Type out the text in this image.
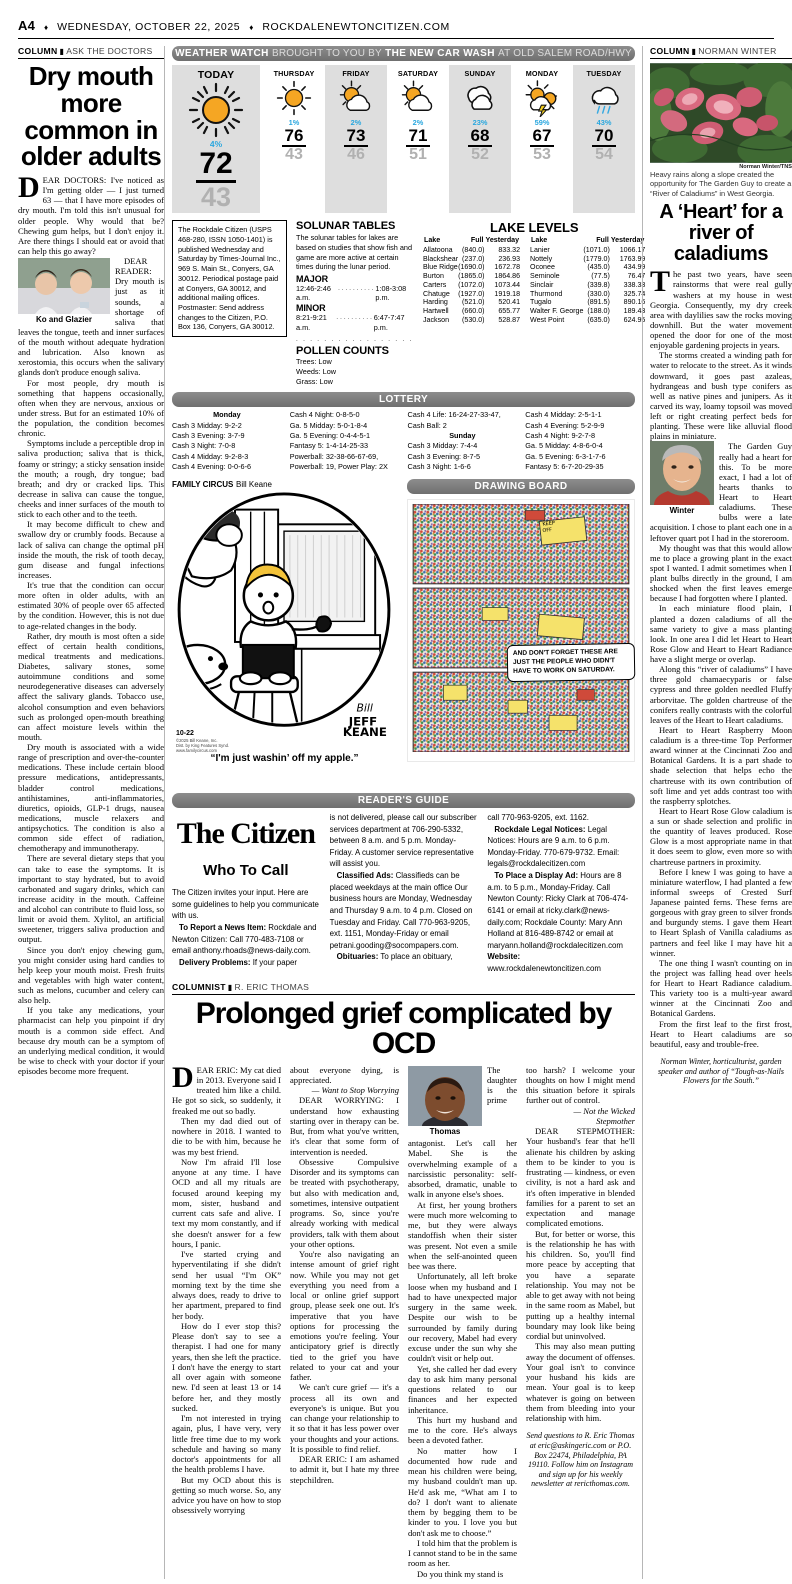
A4 ♦ WEDNESDAY, OCTOBER 22, 2025 ♦ ROCKDALENEWTONCITIZEN.COM
COLUMN ▮ ASK THE DOCTORS
Dry mouth more common in older adults

DEAR DOCTORS: I've noticed as I'm getting older — I just turned 63 — that I have more episodes of dry mouth. I'm told this isn't unusual for older people. Why would that be? Chewing gum helps, but I don't enjoy it. Are there things I should eat or avoid that can help this go away?

Ko and Glazier

DEAR READER: Dry mouth is just as it sounds, a shortage of saliva that leaves the tongue, teeth and inner surfaces of the mouth without adequate hydration and lubrication. Also known as xerostomia, this occurs when the salivary glands don't produce enough saliva.

For most people, dry mouth is something that happens occasionally, often when they are nervous, anxious or under stress. But for an estimated 10% of the population, the condition becomes chronic.

Symptoms include a perceptible drop in saliva production; saliva that is thick, foamy or stringy; a sticky sensation inside the mouth; a rough, dry tongue; bad breath; and dry or cracked lips. This decrease in saliva can cause the tongue, cheeks and inner surfaces of the mouth to stick to each other and to the teeth.

It may become difficult to chew and swallow dry or crumbly foods. Because a lack of saliva can change the optimal pH inside the mouth, the risk of tooth decay, gum disease and fungal infections increases.

It's true that the condition can occur more often in older adults, with an estimated 30% of people over 65 affected by the condition. However, this is not due to age-related changes in the body.

Rather, dry mouth is most often a side effect of certain health conditions, medical treatments and medications. Diabetes, salivary stones, some autoimmune conditions and some neurodegenerative diseases can adversely affect the salivary glands. Tobacco use, alcohol consumption and even behaviors such as prolonged open-mouth breathing can affect moisture levels within the mouth.

Dry mouth is associated with a wide range of prescription and over-the-counter medications. These include certain blood pressure medications, antidepressants, bladder control medications, antihistamines, anti-inflammatories, diuretics, opioids, GLP-1 drugs, nausea medications, muscle relaxers and antipsychotics. The condition is also a common side effect of radiation, chemotherapy and immunotherapy.

There are several dietary steps that you can take to ease the symptoms. It is important to stay hydrated, but to avoid carbonated and sugary drinks, which can increase acidity in the mouth. Caffeine and alcohol can contribute to fluid loss, so limit or avoid them. Xylitol, an artificial sweetener, triggers saliva production and output.

Since you don't enjoy chewing gum, you might consider using hard candies to help keep your mouth moist. Fresh fruits and vegetables with high water content, such as melons, cucumber and celery can also help.

If you take any medications, your pharmacist can help you pinpoint if dry mouth is a common side effect. And because dry mouth can be a symptom of an underlying medical condition, it would be wise to check with your doctor if your episodes become more frequent.

WEATHER WATCH BROUGHT TO YOU BY THE NEW CAR WASH AT OLD SALEM ROAD/HWY
TODAY
4%
72
43
THURSDAY
1%
76
43
FRIDAY
2%
73
46
SATURDAY
2%
71
51
SUNDAY
23%
68
52
MONDAY
59%
67
53
TUESDAY
43%
70
54
The Rockdale Citizen (USPS 468-280, ISSN 1050-1401) is published Wednesday and Saturday by Times-Journal Inc., 969 S. Main St., Conyers, GA 30012. Periodical postage paid at Conyers, GA 30012, and additional mailing offices. Postmaster: Send address changes to the Citizen, P.O. Box 136, Conyers, GA 30012.
SOLUNAR TABLES
The solunar tables for lakes are based on studies that show fish and game are more active at certain times during the lunar period.
MAJOR
12:46-2:46 a.m.
.......... 1:08-3:08 p.m.
MINOR
8:21-9:21 a.m.
.......... 6:47-7:47 p.m.
. . . . . . . . . . . . . . . . .
POLLEN COUNTS
Trees: Low
Weeds: Low
Grass: Low
LAKE LEVELS
Lake	Full	Yesterday
Allatoona	(840.0)	833.32
Blackshear	(237.0)	236.93
Blue Ridge	(1690.0)	1672.78
Burton	(1865.0)	1864.86
Carters	(1072.0)	1073.44
Chatuge	(1927.0)	1919.18
Harding	(521.0)	520.41
Hartwell	(660.0)	655.77
Jackson	(530.0)	528.87
Lake	Full	Yesterday
Lanier	(1071.0)	1066.17
Nottely	(1779.0)	1763.99
Oconee	(435.0)	434.99
Seminole	(77.5)	76.47
Sinclair	(339.8)	338.33
Thurmond	(330.0)	325.74
Tugalo	(891.5)	890.16
Walter F. George	(188.0)	189.43
West Point	(635.0)	624.95
LOTTERY
Monday
Cash 3 Midday: 9-2-2
Cash 3 Evening: 3-7-9
Cash 3 Night: 7-0-8
Cash 4 Midday: 9-2-8-3
Cash 4 Evening: 0-0-6-6
Cash 4 Night: 0-8-5-0
Ga. 5 Midday: 5-0-1-8-4
Ga. 5 Evening: 0-4-4-5-1
Fantasy 5: 1-4-14-25-33
Powerball: 32-38-66-67-69,
Powerball: 19, Power Play: 2X
Cash 4 Life: 16-24-27-33-47,
Cash Ball: 2
Sunday
Cash 3 Midday: 7-4-4
Cash 3 Evening: 8-7-5
Cash 3 Night: 1-6-6
Cash 4 Midday: 2-5-1-1
Cash 4 Evening: 5-2-9-9
Cash 4 Night: 9-2-7-8
Ga. 5 Midday: 4-8-6-0-4
Ga. 5 Evening: 6-3-1-7-6
Fantasy 5: 6-7-20-29-35
FAMILY CIRCUS Bill Keane
Bill
JEFF
KEANE
10-22
©2025 Bill Keane, Inc.
Dist. by King Features Synd.
www.familycircus.com
“I'm just washin’ off my apple.”
DRAWING BOARD
KEEP
OFF
AND DON'T FORGET THESE ARE JUST THE PEOPLE WHO DIDN'T HAVE TO WORK ON SATURDAY.
READER'S GUIDE
The Citizen
Who To Call

The Citizen invites your input. Here are some guidelines to help you communicate with us.

To Report a News Item: Rockdale and Newton Citizen: Call 770-483-7108 or email anthony.rhoads@news-daily.com.

Delivery Problems: If your paper

is not delivered, please call our subscriber services department at 706-290-5332, between 8 a.m. and 5 p.m. Monday-Friday. A customer service representative will assist you.

Classified Ads: Classifieds can be placed weekdays at the main office Our business hours are Monday, Wednesday and Thursday 9 a.m. to 4 p.m. Closed on Tuesday and Friday. Call 770-963-9205, ext. 1151, Monday-Friday or email petrani.gooding@socompapers.com.

Obituaries: To place an obituary,

call 770-963-9205, ext. 1162.

Rockdale Legal Notices: Legal Notices: Hours are 9 a.m. to 6 p.m. Monday-Friday. 770-679-9732. Email: legals@rockdalecitizen.com

To Place a Display Ad: Hours are 8 a.m. to 5 p.m., Monday-Friday. Call Newton County: Ricky Clark at 706-474-6141 or email at ricky.clark@news-daily.com; Rockdale County: Mary Ann Holland at 816-489-8742 or email at maryann.holland@rockdalecitizen.com

Website: www.rockdalenewtoncitizen.com

COLUMNIST ▮ R. ERIC THOMAS
Prolonged grief complicated by OCD

DEAR ERIC: My cat died in 2013. Everyone said I treated him like a child. He got so sick, so suddenly, it freaked me out so badly.

Then my dad died out of nowhere in 2018. I wanted to die to be with him, because he was my best friend.

Now I'm afraid I'll lose anyone at any time. I have OCD and all my rituals are focused around keeping my mom, sister, husband and current cats safe and alive. I text my mom constantly, and if she doesn't answer for a few hours, I panic.

I've started crying and hyperventilating if she didn't send her usual “I'm OK” morning text by the time she always does, ready to drive to her apartment, prepared to find her body.

How do I ever stop this? Please don't say to see a therapist. I had one for many years, then she left the practice. I don't have the energy to start all over again with someone new. I'd seen at least 13 or 14 before her, and they mostly sucked.

I'm not interested in trying again, plus, I have very, very little free time due to my work schedule and having so many doctor's appointments for all the health problems I have.

But my OCD about this is getting so much worse. So, any advice you have on how to stop obsessively worrying

about everyone dying, is appreciated.

— Want to Stop Worrying

DEAR WORRYING: I understand how exhausting starting over in therapy can be. But, from what you've written, it's clear that some form of intervention is needed.

Obsessive Compulsive Disorder and its symptoms can be treated with psychotherapy, but also with medication and, sometimes, intensive outpatient programs. So, since you're already working with medical providers, talk with them about your other options.

You're also navigating an intense amount of grief right now. While you may not get everything you need from a local or online grief support group, please seek one out. It's imperative that you have options for processing the emotions you're feeling. Your anticipatory grief is directly tied to the grief you have related to your cat and your father.

We can't cure grief — it's a process all its own and everyone's is unique. But you can change your relationship to it so that it has less power over your thoughts and your actions. It is possible to find relief.

DEAR ERIC: I am ashamed to admit it, but I hate my three stepchildren.

Thomas

The daughter is the prime antagonist. Let's call her Mabel. She is the overwhelming example of a narcissistic personality: self-absorbed, dramatic, unable to walk in anyone else's shoes.

At first, her young brothers were much more welcoming to me, but they were always standoffish when their sister was present. Not even a smile when the self-anointed queen bee was there.

Unfortunately, all left broke loose when my husband and I had to have unexpected major surgery in the same week. Despite our wish to be surrounded by family during our recovery, Mabel had every excuse under the sun why she couldn't visit or help out.

Yet, she called her dad every day to ask him many personal questions related to our finances and her expected inheritance.

This hurt my husband and me to the core. He's always been a devoted father.

No matter how I documented how rude and mean his children were being, my husband couldn't man up. He'd ask me, “What am I to do? I don't want to alienate them by begging them to be kinder to you. I love you but don't ask me to choose.”

I told him that the problem is I cannot stand to be in the same room as her.

Do you think my stand is

too harsh? I welcome your thoughts on how I might mend this situation before it spirals further out of control.

— Not the Wicked Stepmother

DEAR STEPMOTHER: Your husband's fear that he'll alienate his children by asking them to be kinder to you is frustrating — kindness, or even civility, is not a hard ask and it's often imperative in blended families for a parent to set an expectation and manage complicated emotions.

But, for better or worse, this is the relationship he has with his children. So, you'll find more peace by accepting that you have a separate relationship. You may not be able to get away with not being in the same room as Mabel, but putting up a healthy internal boundary may look like being cordial but uninvolved.

This may also mean putting away the document of offenses. Your goal isn't to convince your husband his kids are mean. Your goal is to keep whatever is going on between them from bleeding into your relationship with him.

Send questions to R. Eric Thomas at eric@askingeric.com or P.O. Box 22474, Philadelphia, PA 19110. Follow him on Instagram and sign up for his weekly newsletter at rericthomas.com.
COLUMN ▮ NORMAN WINTER
Norman Winter/TNS
Heavy rains along a slope created the opportunity for The Garden Guy to create a “River of Caladiums” in West Georgia.
A ‘Heart’ for a river of caladiums

The past two years, have seen rainstorms that were real gully washers at my house in west Georgia. Consequently, my dry creek area with daylilies saw the rocks moving downhill. But the water movement opened the door for one of the most enjoyable gardening projects in years.

The storms created a winding path for water to relocate to the street. As it winds downward, it goes past azaleas, hydrangeas and bush type conifers as well as native pines and junipers. As it carved its way, loamy topsoil was moved left or right creating perfect beds for planting. These were like alluvial flood plains in miniature.

Winter

The Garden Guy really had a heart for this. To be more exact, I had a lot of hearts thanks to Heart to Heart caladiums. These bulbs were a late acquisition. I chose to plant each one in a leftover quart pot I had in the storeroom.

My thought was that this would allow me to place a growing plant in the exact spot I wanted. I admit sometimes when I plant bulbs directly in the ground, I am shocked when the first leaves emerge because I had forgotten where I planted.

In each miniature flood plain, I planted a dozen caladiums of all the same variety to give a mass planting look. In one area I did let Heart to Heart Rose Glow and Heart to Heart Radiance have a slight merge or overlap.

Along this “river of caladiums” I have three gold chamaecyparis or false cypress and three golden needled Fluffy arborvitae. The golden chartreuse of the conifers really contrasts with the colorful leaves of the Heart to Heart caladiums.

Heart to Heart Raspberry Moon caladium is a three-time Top Performer award winner at the Cincinnati Zoo and Botanical Gardens. It is a part shade to shade selection that helps echo the chartreuse with its own contribution of soft lime and yet adds contrast too with the raspberry splotches.

Heart to Heart Rose Glow caladium is a sun or shade selection and prolific in the quantity of leaves produced. Rose Glow is a most appropriate name in that it does seem to glow, even more so with chartreuse partners in proximity.

Before I knew I was going to have a miniature waterflow, I had planted a few informal sweeps of Crested Surf Japanese painted ferns. These ferns are gorgeous with gray green to silver fronds and burgundy stems. I gave them Heart to Heart Splash of Vanilla caladiums as partners and feel like I may have hit a winner.

The one thing I wasn't counting on in the project was falling head over heels for Heart to Heart Radiance caladium. This variety too is a multi-year award winner at the Cincinnati Zoo and Botanical Gardens.

From the first leaf to the first frost, Heart to Heart caladiums are so beautiful, easy and trouble-free.

Norman Winter, horticulturist, garden speaker and author of “Tough-as-Nails Flowers for the South.”
